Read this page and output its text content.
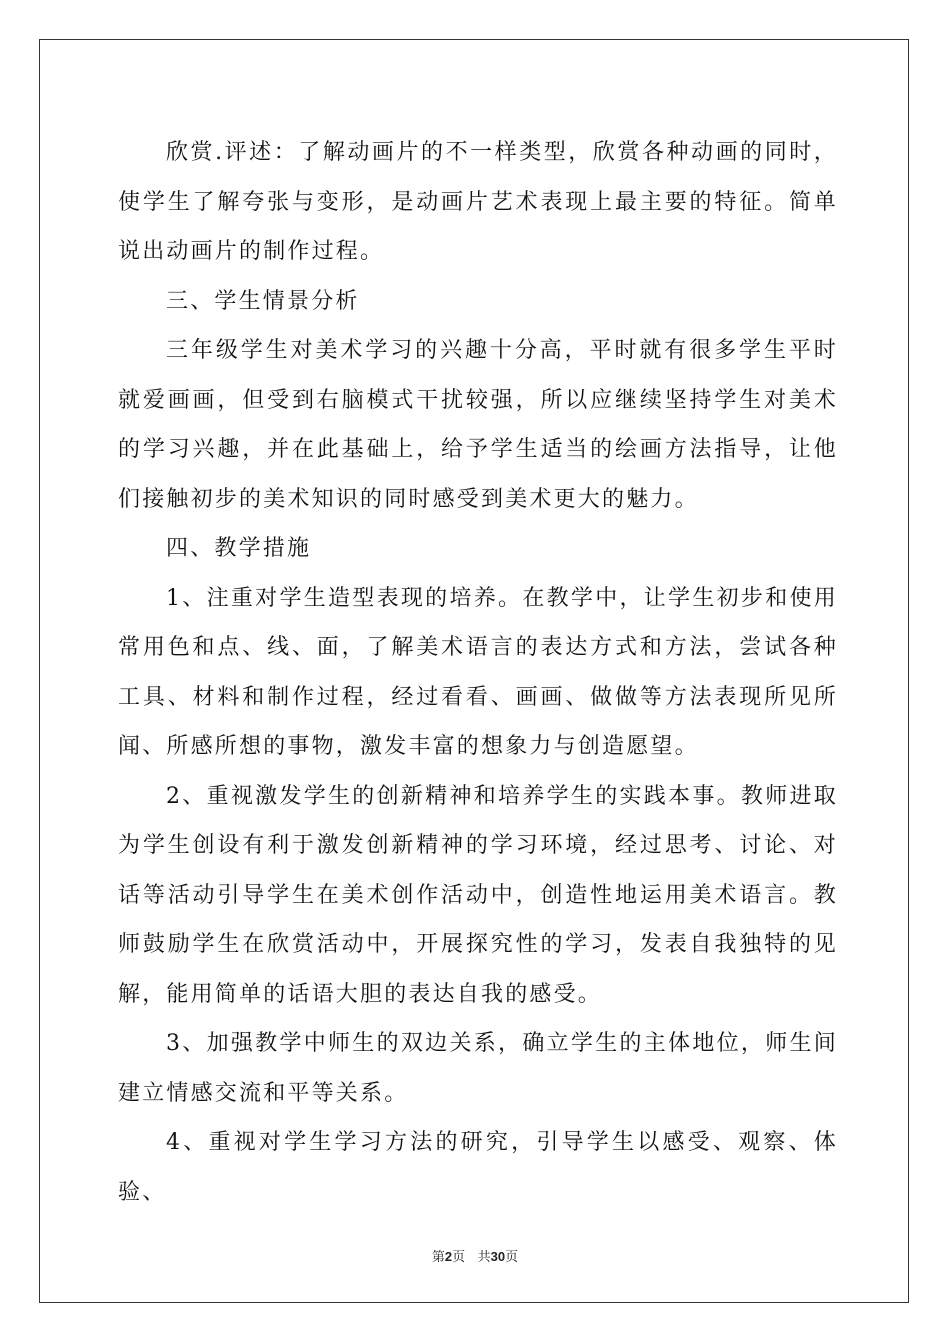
欣赏.评述：了解动画片的不一样类型，欣赏各种动画的同时，使学生了解夸张与变形，是动画片艺术表现上最主要的特征。简单说出动画片的制作过程。

三、学生情景分析

三年级学生对美术学习的兴趣十分高，平时就有很多学生平时就爱画画，但受到右脑模式干扰较强，所以应继续坚持学生对美术的学习兴趣，并在此基础上，给予学生适当的绘画方法指导，让他们接触初步的美术知识的同时感受到美术更大的魅力。

四、教学措施

1、注重对学生造型表现的培养。在教学中，让学生初步和使用常用色和点、线、面，了解美术语言的表达方式和方法，尝试各种工具、材料和制作过程，经过看看、画画、做做等方法表现所见所闻、所感所想的事物，激发丰富的想象力与创造愿望。

2、重视激发学生的创新精神和培养学生的实践本事。教师进取为学生创设有利于激发创新精神的学习环境，经过思考、讨论、对话等活动引导学生在美术创作活动中，创造性地运用美术语言。教师鼓励学生在欣赏活动中，开展探究性的学习，发表自我独特的见解，能用简单的话语大胆的表达自我的感受。

3、加强教学中师生的双边关系，确立学生的主体地位，师生间建立情感交流和平等关系。

4、重视对学生学习方法的研究，引导学生以感受、观察、体验、

第2页 共30页
